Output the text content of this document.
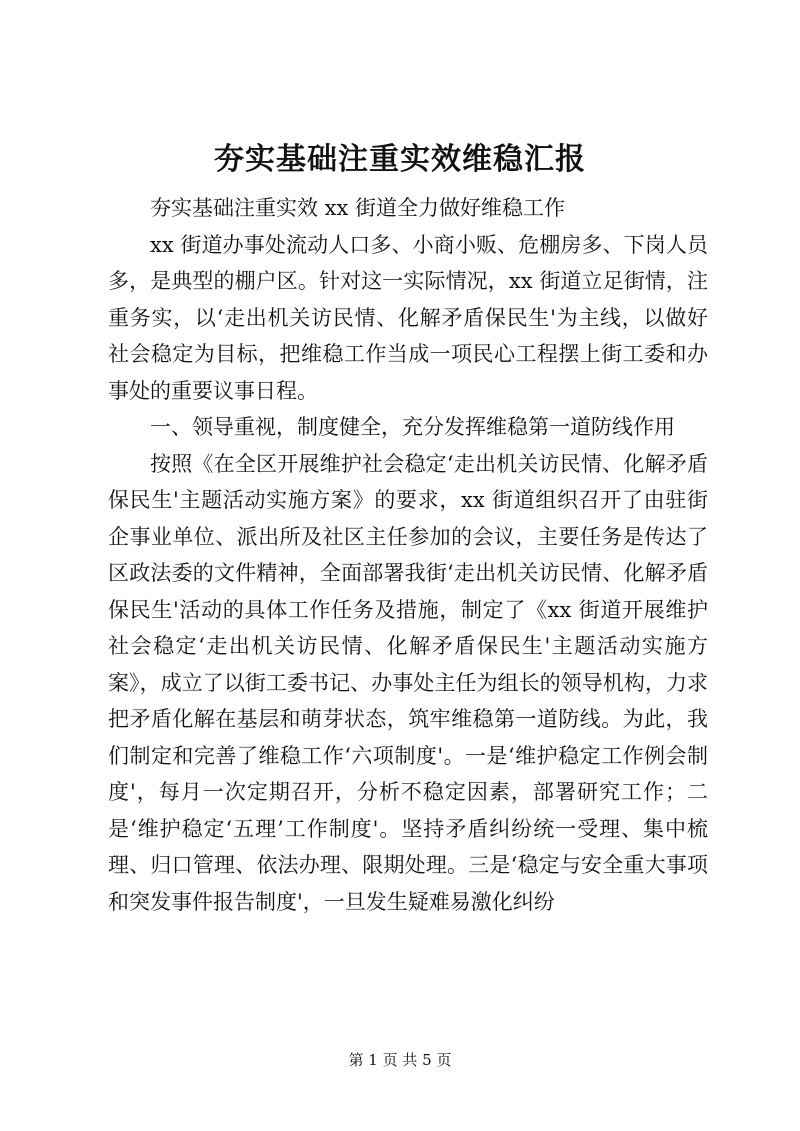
夯实基础注重实效维稳汇报

夯实基础注重实效 xx 街道全力做好维稳工作

xx 街道办事处流动人口多、小商小贩、危棚房多、下岗人员多，是典型的棚户区。针对这一实际情况，xx 街道立足街情，注重务实，以‘走出机关访民情、化解矛盾保民生'为主线，以做好社会稳定为目标，把维稳工作当成一项民心工程摆上街工委和办事处的重要议事日程。

一、领导重视，制度健全，充分发挥维稳第一道防线作用

按照《在全区开展维护社会稳定‘走出机关访民情、化解矛盾保民生'主题活动实施方案》的要求，xx 街道组织召开了由驻街企事业单位、派出所及社区主任参加的会议，主要任务是传达了区政法委的文件精神，全面部署我街‘走出机关访民情、化解矛盾保民生'活动的具体工作任务及措施，制定了《xx 街道开展维护社会稳定‘走出机关访民情、化解矛盾保民生'主题活动实施方案》，成立了以街工委书记、办事处主任为组长的领导机构，力求把矛盾化解在基层和萌芽状态，筑牢维稳第一道防线。为此，我们制定和完善了维稳工作‘六项制度'。一是‘维护稳定工作例会制度'，每月一次定期召开，分析不稳定因素，部署研究工作；二是‘维护稳定‘五理’工作制度'。坚持矛盾纠纷统一受理、集中梳理、归口管理、依法办理、限期处理。三是‘稳定与安全重大事项和突发事件报告制度'，一旦发生疑难易激化纠纷

第 1 页 共 5 页
